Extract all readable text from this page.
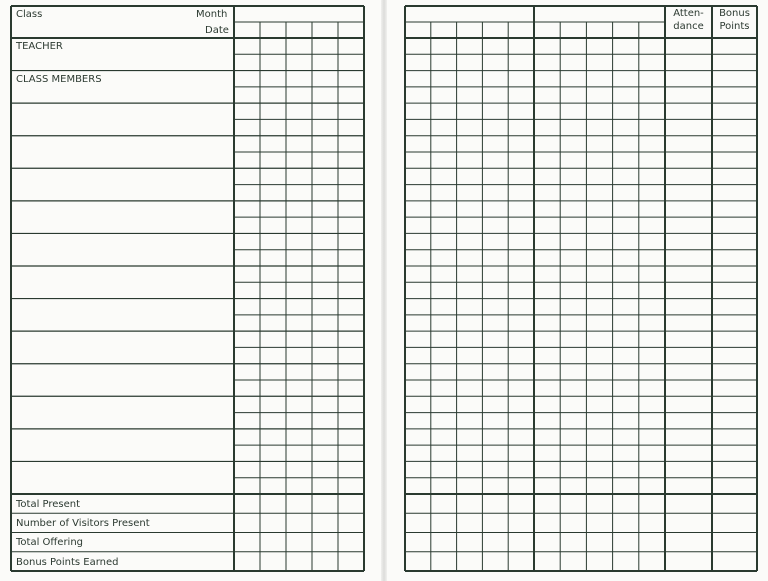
Class	Month
Date
TEACHER
CLASS MEMBERS
Total Present
Number of Visitors Present
Total Offering
Bonus Points Earned
Atten-
dance
Bonus
Points
